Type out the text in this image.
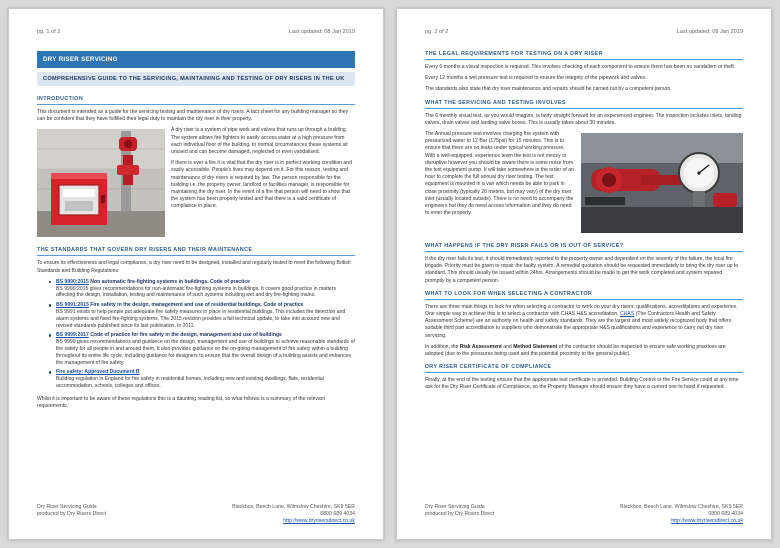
pg. 1 of 2	Last updated: 08 Jan 2019
DRY RISER SERVICING
COMPREHENSIVE GUIDE TO THE SERVICING, MAINTAINING AND TESTING OF DRY RISERS IN THE UK
INTRODUCTION

This document is intended as a guide for the servicing testing and maintenance of dry risers. A fact sheet for any building manager so they can be confident that they have fulfilled their legal duty to maintain the dry riser in their property.

A dry riser is a system of pipe work and valves that runs up through a building. The system allows fire fighters to easily access water at a high pressure from each individual floor of the building. In normal circumstances these systems sit unused and can become damaged, neglected or even vandalised.

If there is ever a fire it is vital that the dry riser is in perfect working condition and easily accessible. People's lives may depend on it. For this reason, testing and maintenance of dry risers is required by law. The person responsible for the building i.e. the property owner, landlord or facilities manager, is responsible for maintaining the dry riser. In the event of a fire that person will need to show that the system has been properly tested and that there is a valid certificate of compliance in place.

THE STANDARDS THAT GOVERN DRY RISERS AND THEIR MAINTENANCE

To ensure its effectiveness and legal compliance, a dry riser need to be designed, installed and regularly tested to meet the following British Standards and Building Regulations:

BS 9990:2015 Non automatic fire-fighting systems in buildings. Code of practice
BS 9990:2015 gives recommendations for non-automatic fire-fighting systems in buildings. It covers good practice in matters affecting the design, installation, testing and maintenance of such systems including wet and dry fire-fighting mains.
BS 9991:2015 Fire safety in the design, management and use of residential buildings. Code of practice
BS 9991 exists to help people put adequate fire safety measures in place in residential buildings. This includes fire detection and alarm systems and fixed fire-fighting systems. The 2015 revision provides a full technical update, to take into account new and revised standards published since its last publication, in 2011.
BS 9999:2017 Code of practice for fire safety in the design, management and use of buildings
BS 9999 gives recommendations and guidance on the design, management and use of buildings to achieve reasonable standards of fire safety for all people in and around them. It also provides guidance on the on-going management of fire safety within a building throughout its entire life cycle, including guidance for designers to ensure that the overall design of a building assists and enhances the management of fire safety.
Fire safety: Approved Document B
Building regulation in England for fire safety in residential homes, including new and existing dwellings, flats, residential accommodation, schools, colleges and offices.

Whilst it is important to be aware of these regulations this is a daunting reading list, so what follows is a summary of the relevant requirements.

Dry Riser Servicing Guide
produced by Dry Risers Direct
Blackbox, Beech Lane, Wilmslow Cheshire, SK9 5ER
0800 689 4034
http://www.dryrisersdirect.co.uk
pg. 2 of 2	Last updated: 08 Jan 2019
THE LEGAL REQUIREMENTS FOR TESTING ON A DRY RISER

Every 6 months a visual inspection is required. This involves checking of each component to ensure there has been no vandalism or theft.

Every 12 months a wet pressure test is required to ensure the integrity of the pipework and valves.

The standards also state that dry riser maintenance and repairs should be carried out by a competent person.

WHAT THE SERVICING AND TESTING INVOLVES

The 6 monthly visual test, as you would imagine, is fairly straight forward for an experienced engineer. The inspection includes inlets, landing valves, drain valves and landing valve boxes. This is usually takes about 30 minutes.

The Annual pressure test involves charging the system with pressurized water to 12 Bar (175psi) for 15 minutes. This is to ensure that there are no leaks under typical working pressure. With a well-equipped, experience team the test is not messy or disruptive however you should be aware there is some noise from the test equipment pump. It will take somewhere in the order of an hour to complete the full annual dry riser testing. The test equipment is mounted in a van which needs be able to park in close proximity (typically 20 meters, but may vary) of the dry riser inlet (usually located outside). There is no need to accompany the engineers but they do need access information and they do need to enter the property.

WHAT HAPPENS IF THE DRY RISER FAILS OR IS OUT OF SERVICE?

If the dry riser fails its test, it should immediately reported to the property owner and dependent on the severity of the failure, the local fire brigade. Priority must be given to repair the faulty system. A remedial quotation should be requested immediately to bring the dry riser up to standard. This should usually be issued within 24hrs. Arrangements should be made to get the work completed and system repaired promptly by a competent person.

WHAT TO LOOK FOR WHEN SELECTING A CONTRACTOR

There are three main things to look for when selecting a contractor to work on your dry risers: qualifications, accreditations and experience. One simple way to achieve this is to select a contractor with CHAS H&S accreditation. CHAS (The Contractors Health and Safety Assessment Scheme) are an authority on health and safety standards. They are the largest and most widely recognized body that offers suitable third part accreditation to suppliers who demonstrate the appropriate H&S qualifications and experience to carry out dry riser servicing.

In addition, the Risk Assessment and Method Statement of the contractor should be inspected to ensure safe working practices are adopted (due to the pressures being used and the potential proximity to the general public).

DRY RISER CERTIFICATE OF COMPLIANCE

Finally, at the end of the testing ensure that the appropriate test certificate is provided. Building Control or the Fire Service could at any time ask for the Dry Riser Certificate of Compliance, so the Property Manager should ensure they have a current one to hand if requested.

Dry Riser Servicing Guide
produced by Dry Risers Direct
Blackbox, Beech Lane, Wilmslow Cheshire, SK9 5ER
0800 689 4034
http://www.dryrisersdirect.co.uk
